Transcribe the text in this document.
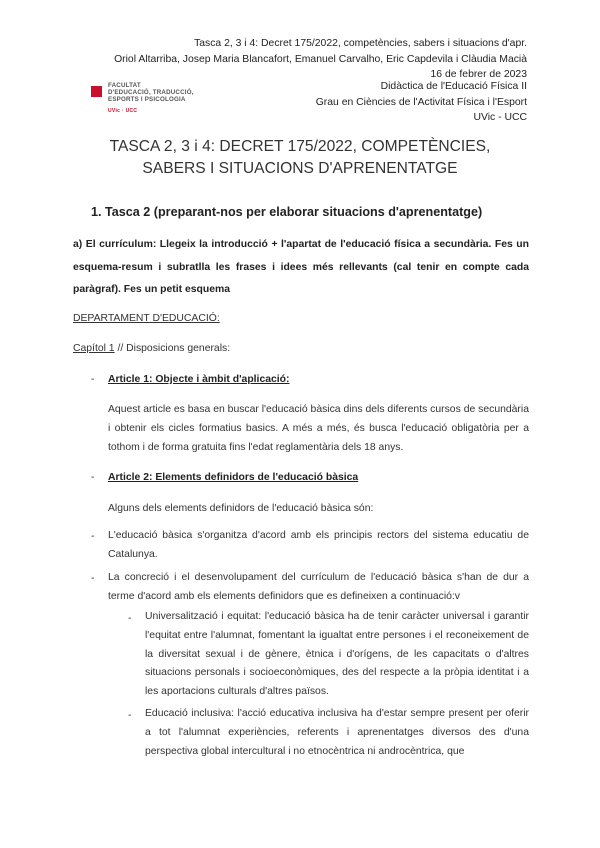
Tasca 2, 3 i 4: Decret 175/2022, competències, sabers i situacions d'apr.
Oriol Altarriba, Josep Maria Blancafort, Emanuel Carvalho, Eric Capdevila i Clàudia Macià
16 de febrer de 2023
FACULTAT
D'EDUCACIÓ, TRADUCCIÓ,
ESPORTS I PSICOLOGIA
UVic · UCC
Didàctica de l'Educació Física II
Grau en Ciències de l'Activitat Física i l'Esport
UVic - UCC
TASCA 2, 3 i 4: DECRET 175/2022, COMPETÈNCIES,
SABERS I SITUACIONS D'APRENENTATGE
1. Tasca 2 (preparant-nos per elaborar situacions d'aprenentatge)
a) El currículum: Llegeix la introducció + l'apartat de l'educació física a secundària. Fes un esquema-resum i subratlla les frases i idees més rellevants (cal tenir en compte cada paràgraf). Fes un petit esquema
DEPARTAMENT D'EDUCACIÓ:
Capítol 1 // Disposicions generals:
- Article 1: Objecte i àmbit d'aplicació:
Aquest article es basa en buscar l'educació bàsica dins dels diferents cursos de secundària i obtenir els cicles formatius basics. A més a més, és busca l'educació obligatòria per a tothom i de forma gratuita fins l'edat reglamentària dels 18 anys.
- Article 2: Elements definidors de l'educació bàsica
Alguns dels elements definidors de l'educació bàsica són:
- L'educació bàsica s'organitza d'acord amb els principis rectors del sistema educatiu de Catalunya.
- La concreció i el desenvolupament del currículum de l'educació bàsica s'han de dur a terme d'acord amb els elements definidors que es defineixen a continuació:v
- Universalització i equitat: l'educació bàsica ha de tenir caràcter universal i garantir l'equitat entre l'alumnat, fomentant la igualtat entre persones i el reconeixement de la diversitat sexual i de gènere, ètnica i d'orígens, de les capacitats o d'altres situacions personals i socioeconòmiques, des del respecte a la pròpia identitat i a les aportacions culturals d'altres països.
- Educació inclusiva: l'acció educativa inclusiva ha d'estar sempre present per oferir a tot l'alumnat experiències, referents i aprenentatges diversos des d'una perspectiva global intercultural i no etnocèntrica ni androcèntrica, que
